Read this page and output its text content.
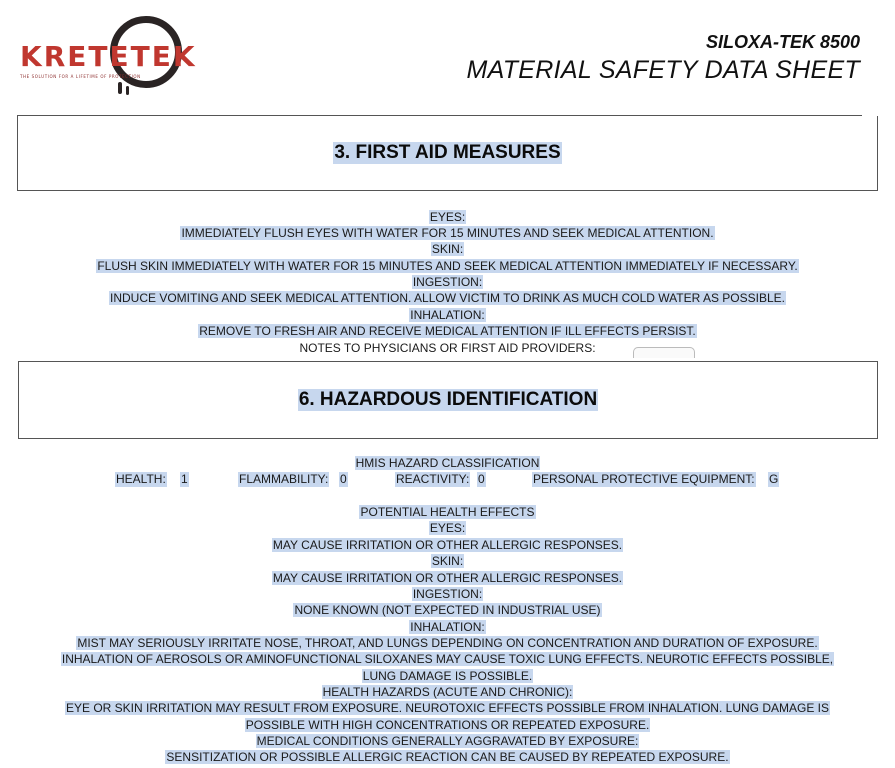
KRETETEK
THE SOLUTION FOR A LIFETIME OF PROTECTION
SILOXA-TEK 8500
MATERIAL SAFETY DATA SHEET
3. FIRST AID MEASURES
EYES:
IMMEDIATELY FLUSH EYES WITH WATER FOR 15 MINUTES AND SEEK MEDICAL ATTENTION.
SKIN:
FLUSH SKIN IMMEDIATELY WITH WATER FOR 15 MINUTES AND SEEK MEDICAL ATTENTION IMMEDIATELY IF NECESSARY.
INGESTION:
INDUCE VOMITING AND SEEK MEDICAL ATTENTION. ALLOW VICTIM TO DRINK AS MUCH COLD WATER AS POSSIBLE.
INHALATION:
REMOVE TO FRESH AIR AND RECEIVE MEDICAL ATTENTION IF ILL EFFECTS PERSIST.
NOTES TO PHYSICIANS OR FIRST AID PROVIDERS:
6. HAZARDOUS IDENTIFICATION
HMIS HAZARD CLASSIFICATION
HEALTH: 1	FLAMMABILITY: 0	REACTIVITY: 0	PERSONAL PROTECTIVE EQUIPMENT: G
POTENTIAL HEALTH EFFECTS
EYES:
MAY CAUSE IRRITATION OR OTHER ALLERGIC RESPONSES.
SKIN:
MAY CAUSE IRRITATION OR OTHER ALLERGIC RESPONSES.
INGESTION:
NONE KNOWN (NOT EXPECTED IN INDUSTRIAL USE)
INHALATION:
MIST MAY SERIOUSLY IRRITATE NOSE, THROAT, AND LUNGS DEPENDING ON CONCENTRATION AND DURATION OF EXPOSURE.
INHALATION OF AEROSOLS OR AMINOFUNCTIONAL SILOXANES MAY CAUSE TOXIC LUNG EFFECTS. NEUROTIC EFFECTS POSSIBLE,
LUNG DAMAGE IS POSSIBLE.
HEALTH HAZARDS (ACUTE AND CHRONIC):
EYE OR SKIN IRRITATION MAY RESULT FROM EXPOSURE. NEUROTOXIC EFFECTS POSSIBLE FROM INHALATION. LUNG DAMAGE IS
POSSIBLE WITH HIGH CONCENTRATIONS OR REPEATED EXPOSURE.
MEDICAL CONDITIONS GENERALLY AGGRAVATED BY EXPOSURE:
SENSITIZATION OR POSSIBLE ALLERGIC REACTION CAN BE CAUSED BY REPEATED EXPOSURE.
